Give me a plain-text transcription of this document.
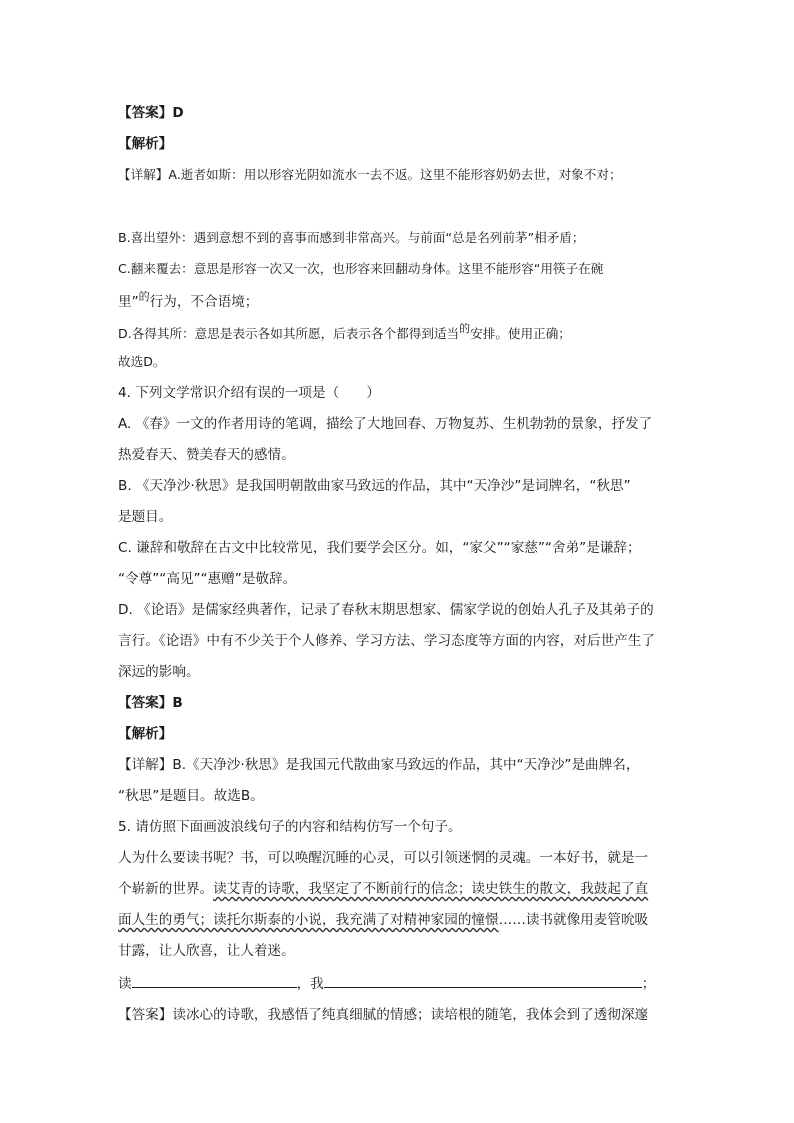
【答案】D
【解析】
【详解】A.逝者如斯：用以形容光阴如流水一去不返。这里不能形容奶奶去世，对象不对；
B.喜出望外：遇到意想不到的喜事而感到非常高兴。与前面“总是名列前茅”相矛盾；
C.翻来覆去：意思是形容一次又一次，也形容来回翻动身体。这里不能形容“用筷子在碗
里”$^的$行为，不合语境；
D.各得其所：意思是表示各如其所愿，后表示各个都得到适当的安排。使用正确；
故选D。
4. 下列文学常识介绍有误的一项是（　　）
A. 《春》一文的作者用诗的笔调，描绘了大地回春、万物复苏、生机勃勃的景象，抒发了
热爱春天、赞美春天的感情。
B. 《天净沙·秋思》是我国明朝散曲家马致远的作品，其中“天净沙”是词牌名，“秋思”
是题目。
C. 谦辞和敬辞在古文中比较常见，我们要学会区分。如，“家父”“家慈”“舍弟”是谦辞；
“令尊”“高见”“惠赠”是敬辞。
D. 《论语》是儒家经典著作，记录了春秋末期思想家、儒家学说的创始人孔子及其弟子的
言行。《论语》中有不少关于个人修养、学习方法、学习态度等方面的内容，对后世产生了
深远的影响。
【答案】B
【解析】
【详解】B.《天净沙·秋思》是我国元代散曲家马致远的作品，其中“天净沙”是曲牌名，
“秋思”是题目。故选B。
5. 请仿照下面画波浪线句子的内容和结构仿写一个句子。
人为什么要读书呢？书，可以唤醒沉睡的心灵，可以引领迷惘的灵魂。一本好书，就是一
个崭新的世界。读艾青的诗歌，我坚定了不断前行的信念；读史铁生的散文，我鼓起了直
面人生的勇气；读托尔斯泰的小说，我充满了对精神家园的憧憬……读书就像用麦管吮吸
甘露，让人欣喜，让人着迷。
读	，我	；
【答案】读冰心的诗歌，我感悟了纯真细腻的情感；读培根的随笔，我体会到了透彻深邃
